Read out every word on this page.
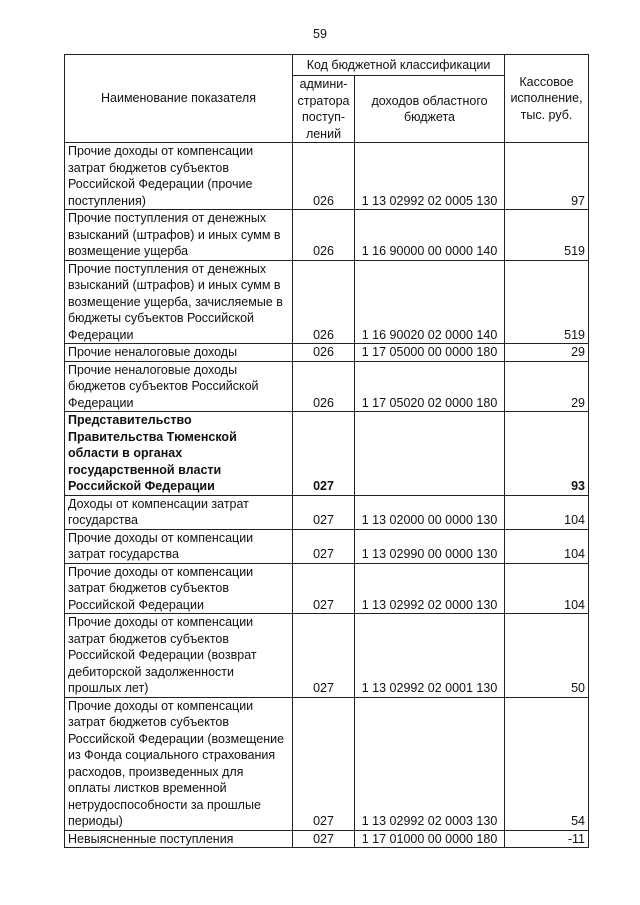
59
Наименование показателя	Код бюджетной классификации		Кассовое исполнение, тыс. руб.
	админи-стратора поступ-лений	доходов областного бюджета	
Прочие доходы от компенсации затрат бюджетов субъектов Российской Федерации (прочие поступления)	026	1 13 02992 02 0005 130	97
Прочие поступления от денежных взысканий (штрафов) и иных сумм в возмещение ущерба	026	1 16 90000 00 0000 140	519
Прочие поступления от денежных взысканий (штрафов) и иных сумм в возмещение ущерба, зачисляемые в бюджеты субъектов Российской Федерации	026	1 16 90020 02 0000 140	519
Прочие неналоговые доходы	026	1 17 05000 00 0000 180	29
Прочие неналоговые доходы бюджетов субъектов Российской Федерации	026	1 17 05020 02 0000 180	29
Представительство Правительства Тюменской области в органах государственной власти Российской Федерации	027		93
Доходы от компенсации затрат государства	027	1 13 02000 00 0000 130	104
Прочие доходы от компенсации затрат государства	027	1 13 02990 00 0000 130	104
Прочие доходы от компенсации затрат бюджетов субъектов Российской Федерации	027	1 13 02992 02 0000 130	104
Прочие доходы от компенсации затрат бюджетов субъектов Российской Федерации (возврат дебиторской задолженности прошлых лет)	027	1 13 02992 02 0001 130	50
Прочие доходы от компенсации затрат бюджетов субъектов Российской Федерации (возмещение из Фонда социального страхования расходов, произведенных для оплаты листков временной нетрудоспособности за прошлые периоды)	027	1 13 02992 02 0003 130	54
Невыясненные поступления	027	1 17 01000 00 0000 180	-11
